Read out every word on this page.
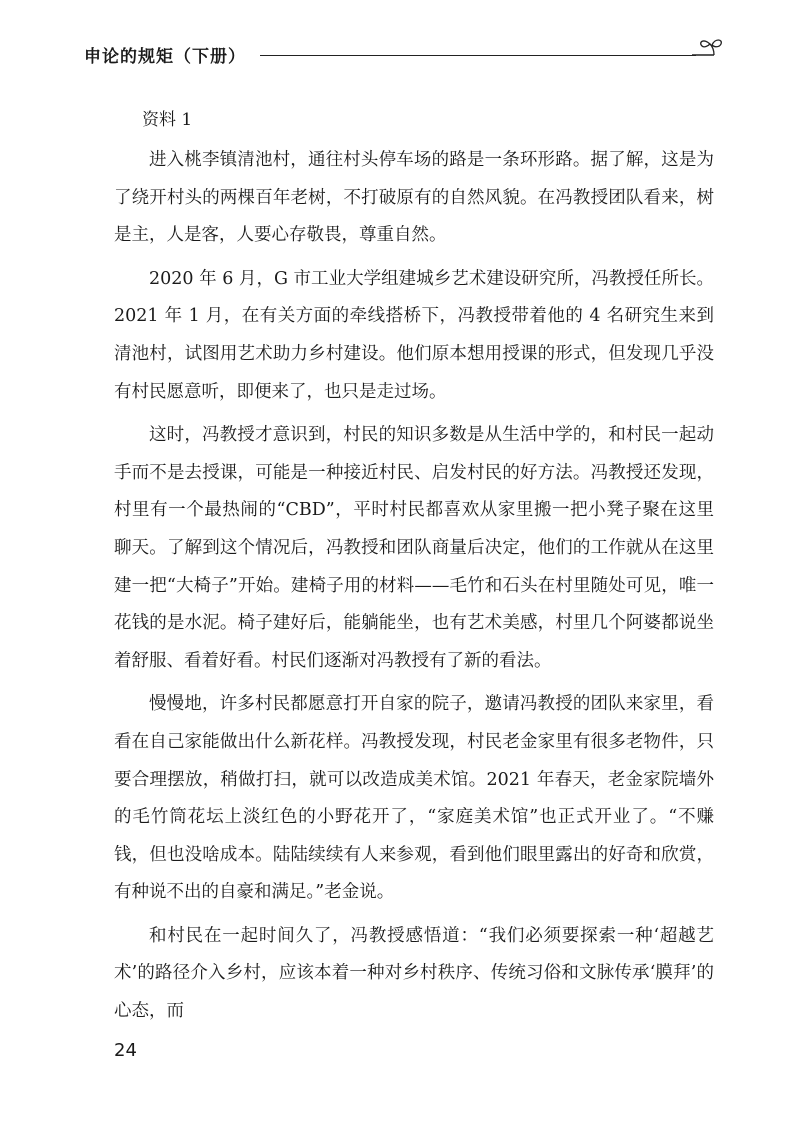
申论的规矩（下册）

资料 1

进入桃李镇清池村，通往村头停车场的路是一条环形路。据了解，这是为了绕开村头的两棵百年老树，不打破原有的自然风貌。在冯教授团队看来，树是主，人是客，人要心存敬畏，尊重自然。

2020 年 6 月，G 市工业大学组建城乡艺术建设研究所，冯教授任所长。2021 年 1 月，在有关方面的牵线搭桥下，冯教授带着他的 4 名研究生来到清池村，试图用艺术助力乡村建设。他们原本想用授课的形式，但发现几乎没有村民愿意听，即便来了，也只是走过场。

这时，冯教授才意识到，村民的知识多数是从生活中学的，和村民一起动手而不是去授课，可能是一种接近村民、启发村民的好方法。冯教授还发现，村里有一个最热闹的“CBD”，平时村民都喜欢从家里搬一把小凳子聚在这里聊天。了解到这个情况后，冯教授和团队商量后决定，他们的工作就从在这里建一把“大椅子”开始。建椅子用的材料——毛竹和石头在村里随处可见，唯一花钱的是水泥。椅子建好后，能躺能坐，也有艺术美感，村里几个阿婆都说坐着舒服、看着好看。村民们逐渐对冯教授有了新的看法。

慢慢地，许多村民都愿意打开自家的院子，邀请冯教授的团队来家里，看看在自己家能做出什么新花样。冯教授发现，村民老金家里有很多老物件，只要合理摆放，稍做打扫，就可以改造成美术馆。2021 年春天，老金家院墙外的毛竹筒花坛上淡红色的小野花开了，“家庭美术馆”也正式开业了。“不赚钱，但也没啥成本。陆陆续续有人来参观，看到他们眼里露出的好奇和欣赏，有种说不出的自豪和满足。”老金说。

和村民在一起时间久了，冯教授感悟道：“我们必须要探索一种‘超越艺术’的路径介入乡村，应该本着一种对乡村秩序、传统习俗和文脉传承‘膜拜’的心态，而

24
